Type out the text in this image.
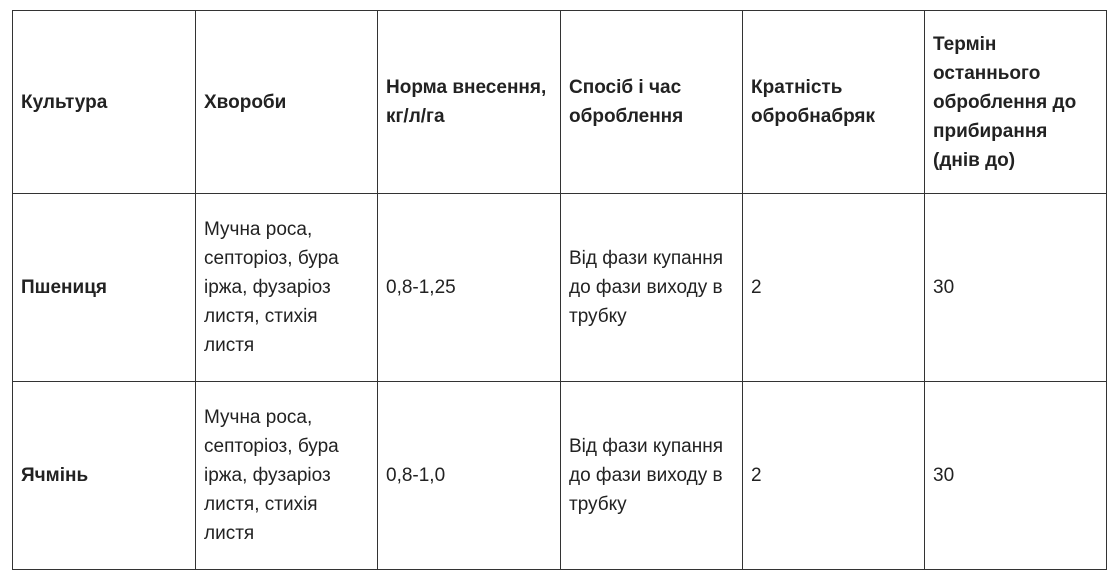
Культура	Хвороби	Норма внесення, кг/л/га	Спосіб і час оброблення	Кратність обробнабряк	Термін останнього оброблення до прибирання (днів до)

Пшениця	Мучна роса, септоріоз, бура іржа, фузаріоз листя, стихія листя	0,8-1,25	Від фази купання до фази виходу в трубку	2	30

Ячмінь	Мучна роса, септоріоз, бура іржа, фузаріоз листя, стихія листя	0,8-1,0	Від фази купання до фази виходу в трубку	2	30
